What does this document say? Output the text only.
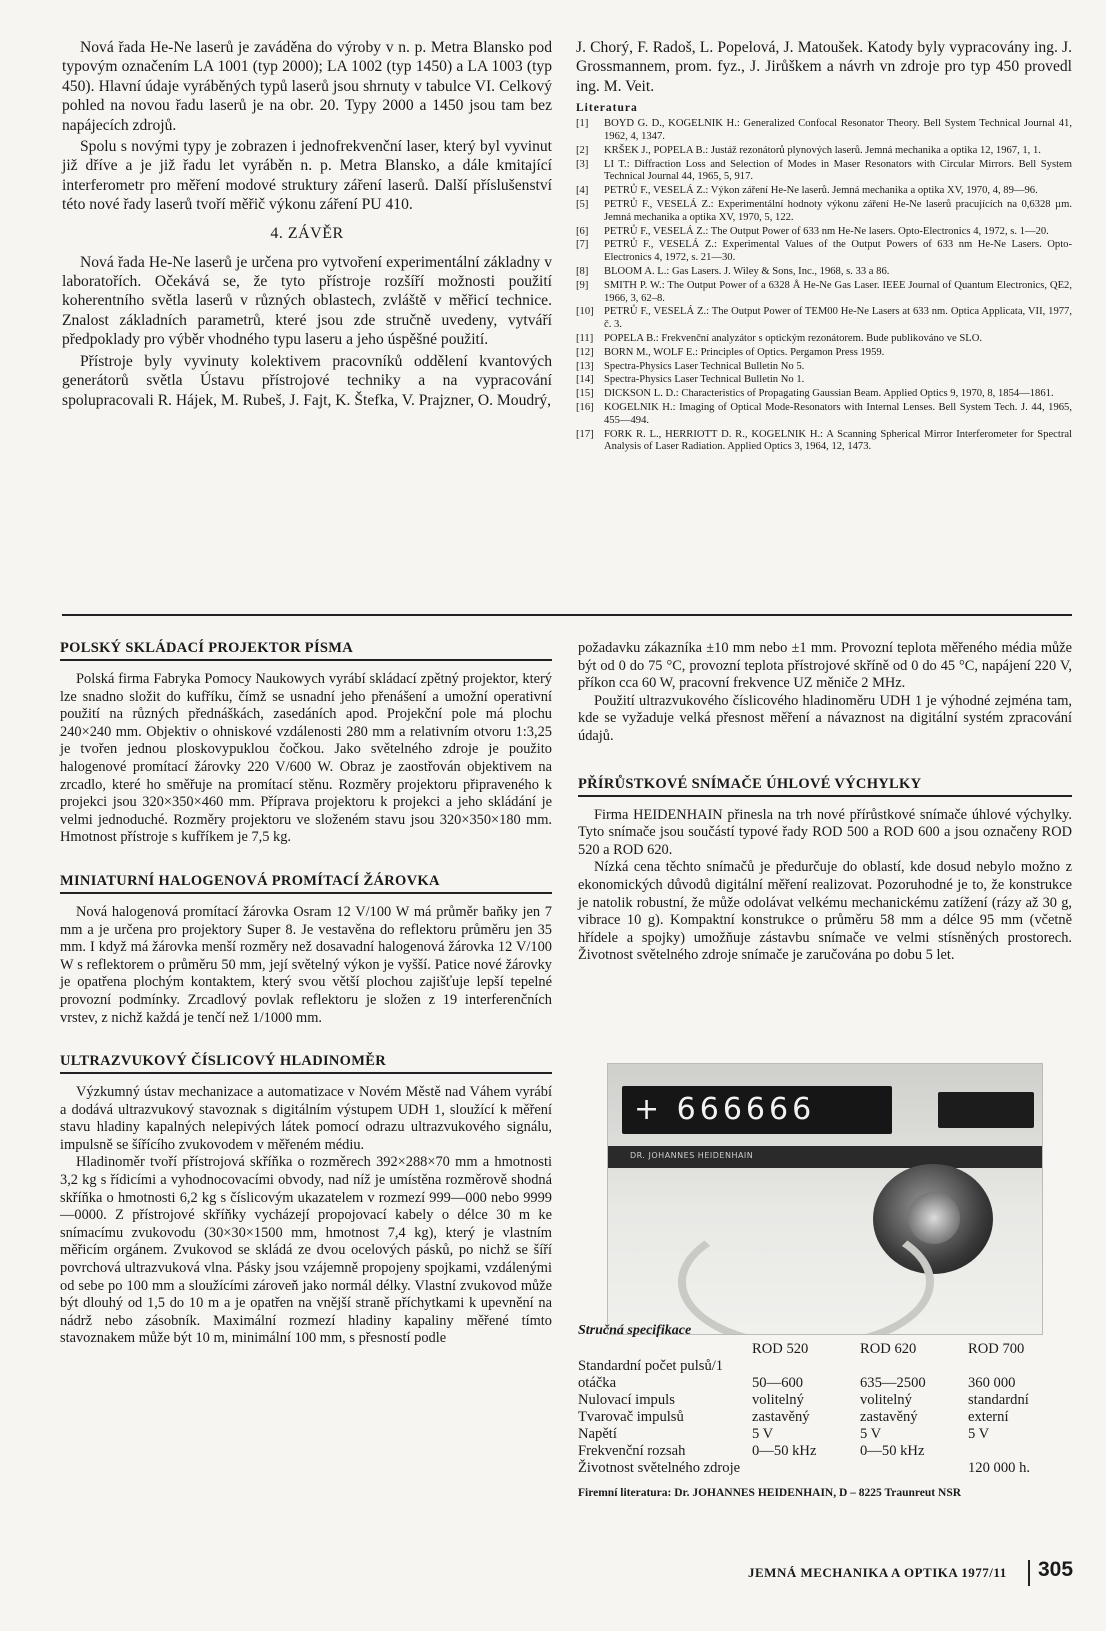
Nová řada He-Ne laserů je zaváděna do výroby v n. p. Metra Blansko pod typovým označením LA 1001 (typ 2000); LA 1002 (typ 1450) a LA 1003 (typ 450). Hlavní údaje vyráběných typů laserů jsou shrnuty v tabulce VI. Celkový pohled na novou řadu laserů je na obr. 20. Typy 2000 a 1450 jsou tam bez napájecích zdrojů.

Spolu s novými typy je zobrazen i jednofrekvenční laser, který byl vyvinut již dříve a je již řadu let vyráběn n. p. Metra Blansko, a dále kmitající interferometr pro měření modové struktury záření laserů. Další příslušenství této nové řady laserů tvoří měřič výkonu záření PU 410.

4. ZÁVĚR

Nová řada He-Ne laserů je určena pro vytvoření experimentální základny v laboratořích. Očekává se, že tyto přístroje rozšíří možnosti použití koherentního světla laserů v různých oblastech, zvláště v měřicí technice. Znalost základních parametrů, které jsou zde stručně uvedeny, vytváří předpoklady pro výběr vhodného typu laseru a jeho úspěšné použití.

Přístroje byly vyvinuty kolektivem pracovníků oddělení kvantových generátorů světla Ústavu přístrojové techniky a na vypracování spolupracovali R. Hájek, M. Rubeš, J. Fajt, K. Štefka, V. Prajzner, O. Moudrý,

J. Chorý, F. Radoš, L. Popelová, J. Matoušek. Katody byly vypracovány ing. J. Grossmannem, prom. fyz., J. Jirůškem a návrh vn zdroje pro typ 450 provedl ing. M. Veit.

Literatura
[1]	BOYD G. D., KOGELNIK H.: Generalized Confocal Resonator Theory. Bell System Technical Journal 41, 1962, 4, 1347.
[2]	KRŠEK J., POPELA B.: Justáž rezonátorů plynových laserů. Jemná mechanika a optika 12, 1967, 1, 1.
[3]	LI T.: Diffraction Loss and Selection of Modes in Maser Resonators with Circular Mirrors. Bell System Technical Journal 44, 1965, 5, 917.
[4]	PETRŮ F., VESELÁ Z.: Výkon záření He-Ne laserů. Jemná mechanika a optika XV, 1970, 4, 89—96.
[5]	PETRŮ F., VESELÁ Z.: Experimentální hodnoty výkonu záření He-Ne laserů pracujících na 0,6328 µm. Jemná mechanika a optika XV, 1970, 5, 122.
[6]	PETRŮ F., VESELÁ Z.: The Output Power of 633 nm He-Ne lasers. Opto-Electronics 4, 1972, s. 1—20.
[7]	PETRŮ F., VESELÁ Z.: Experimental Values of the Output Powers of 633 nm He-Ne Lasers. Opto-Electronics 4, 1972, s. 21—30.
[8]	BLOOM A. L.: Gas Lasers. J. Wiley & Sons, Inc., 1968, s. 33 a 86.
[9]	SMITH P. W.: The Output Power of a 6328 Å He-Ne Gas Laser. IEEE Journal of Quantum Electronics, QE2, 1966, 3, 62–8.
[10] PETRŮ F., VESELÁ Z.: The Output Power of TEM00 He-Ne Lasers at 633 nm. Optica Applicata, VII, 1977, č. 3.
[11]	POPELA B.: Frekvenční analyzátor s optickým rezonátorem. Bude publikováno ve SLO.
[12] BORN M., WOLF E.: Principles of Optics. Pergamon Press 1959.
[13] Spectra-Physics Laser Technical Bulletin No 5.
[14] Spectra-Physics Laser Technical Bulletin No 1.
[15] DICKSON L. D.: Characteristics of Propagating Gaussian Beam. Applied Optics 9, 1970, 8, 1854—1861.
[16] KOGELNIK H.: Imaging of Optical Mode-Resonators with Internal Lenses. Bell System Tech. J. 44, 1965, 455—494.
[17] FORK R. L., HERRIOTT D. R., KOGELNIK H.: A Scanning Spherical Mirror Interferometer for Spectral Analysis of Laser Radiation. Applied Optics 3, 1964, 12, 1473.
POLSKÝ SKLÁDACÍ PROJEKTOR PÍSMA

Polská firma Fabryka Pomocy Naukowych vyrábí skládací zpětný projektor, který lze snadno složit do kufříku, čímž se usnadní jeho přenášení a umožní operativní použití na různých přednáškách, zasedáních apod. Projekční pole má plochu 240×240 mm. Objektiv o ohniskové vzdálenosti 280 mm a relativním otvoru 1:3,25 je tvořen jednou ploskovypuklou čočkou. Jako světelného zdroje je použito halogenové promítací žárovky 220 V/600 W. Obraz je zaostřován objektivem na zrcadlo, které ho směřuje na promítací stěnu. Rozměry projektoru připraveného k projekci jsou 320×350×460 mm. Příprava projektoru k projekci a jeho skládání je velmi jednoduché. Rozměry projektoru ve složeném stavu jsou 320×350×180 mm. Hmotnost přístroje s kufříkem je 7,5 kg.

MINIATURNÍ HALOGENOVÁ PROMÍTACÍ ŽÁROVKA

Nová halogenová promítací žárovka Osram 12 V/100 W má průměr baňky jen 7 mm a je určena pro projektory Super 8. Je vestavěna do reflektoru průměru jen 35 mm. I když má žárovka menší rozměry než dosavadní halogenová žárovka 12 V/100 W s reflektorem o průměru 50 mm, její světelný výkon je vyšší. Patice nové žárovky je opatřena plochým kontaktem, který svou větší plochou zajišťuje lepší tepelné provozní podmínky. Zrcadlový povlak reflektoru je složen z 19 interferenčních vrstev, z nichž každá je tenčí než 1/1000 mm.

ULTRAZVUKOVÝ ČÍSLICOVÝ HLADINOMĚR

Výzkumný ústav mechanizace a automatizace v Novém Městě nad Váhem vyrábí a dodává ultrazvukový stavoznak s digitálním výstupem UDH 1, sloužící k měření stavu hladiny kapalných nelepivých látek pomocí odrazu ultrazvukového signálu, impulsně se šířícího zvukovodem v měřeném médiu.

Hladinoměr tvoří přístrojová skříňka o rozměrech 392×288×70 mm a hmotnosti 3,2 kg s řídicími a vyhodnocovacími obvody, nad níž je umístěna rozměrově shodná skříňka o hmotnosti 6,2 kg s číslicovým ukazatelem v rozmezí 999—000 nebo 9999—0000. Z přístrojové skříňky vycházejí propojovací kabely o délce 30 m ke snímacímu zvukovodu (30×30×1500 mm, hmotnost 7,4 kg), který je vlastním měřicím orgánem. Zvukovod se skládá ze dvou ocelových pásků, po nichž se šíří povrchová ultrazvuková vlna. Pásky jsou vzájemně propojeny spojkami, vzdálenými od sebe po 100 mm a sloužícími zároveň jako normál délky. Vlastní zvukovod může být dlouhý od 1,5 do 10 m a je opatřen na vnější straně příchytkami k upevnění na nádrž nebo zásobník. Maximální rozmezí hladiny kapaliny měřené tímto stavoznakem může být 10 m, minimální 100 mm, s přesností podle

požadavku zákazníka ±10 mm nebo ±1 mm. Provozní teplota měřeného média může být od 0 do 75 °C, provozní teplota přístrojové skříně od 0 do 45 °C, napájení 220 V, příkon cca 60 W, pracovní frekvence UZ měniče 2 MHz.

Použití ultrazvukového číslicového hladinoměru UDH 1 je výhodné zejména tam, kde se vyžaduje velká přesnost měření a návaznost na digitální systém zpracování údajů.

PŘÍRŮSTKOVÉ SNÍMAČE ÚHLOVÉ VÝCHYLKY

Firma HEIDENHAIN přinesla na trh nové přírůstkové snímače úhlové výchylky. Tyto snímače jsou součástí typové řady ROD 500 a ROD 600 a jsou označeny ROD 520 a ROD 620.

Nízká cena těchto snímačů je předurčuje do oblastí, kde dosud nebylo možno z ekonomických důvodů digitální měření realizovat. Pozoruhodné je to, že konstrukce je natolik robustní, že může odolávat velkému mechanickému zatížení (rázy až 30 g, vibrace 10 g). Kompaktní konstrukce o průměru 58 mm a délce 95 mm (včetně hřídele a spojky) umožňuje zástavbu snímače ve velmi stísněných prostorech. Životnost světelného zdroje snímače je zaručována po dobu 5 let.

+ 666666
DR. JOHANNES HEIDENHAIN
Stručná specifikace
	ROD 520	ROD 620	ROD 700
Standardní počet pulsů/1 otáčka	50—600	635—2500	360 000
Nulovací impuls	volitelný	volitelný	standardní
Tvarovač impulsů	zastavěný	zastavěný	externí
Napětí	5 V	5 V	5 V
Frekvenční rozsah	0—50 kHz	0—50 kHz	
Životnost světelného zdroje			120 000 h.
Firemní literatura: Dr. JOHANNES HEIDENHAIN, D – 8225 Traunreut NSR
JEMNÁ MECHANIKA A OPTIKA 1977/11 305
